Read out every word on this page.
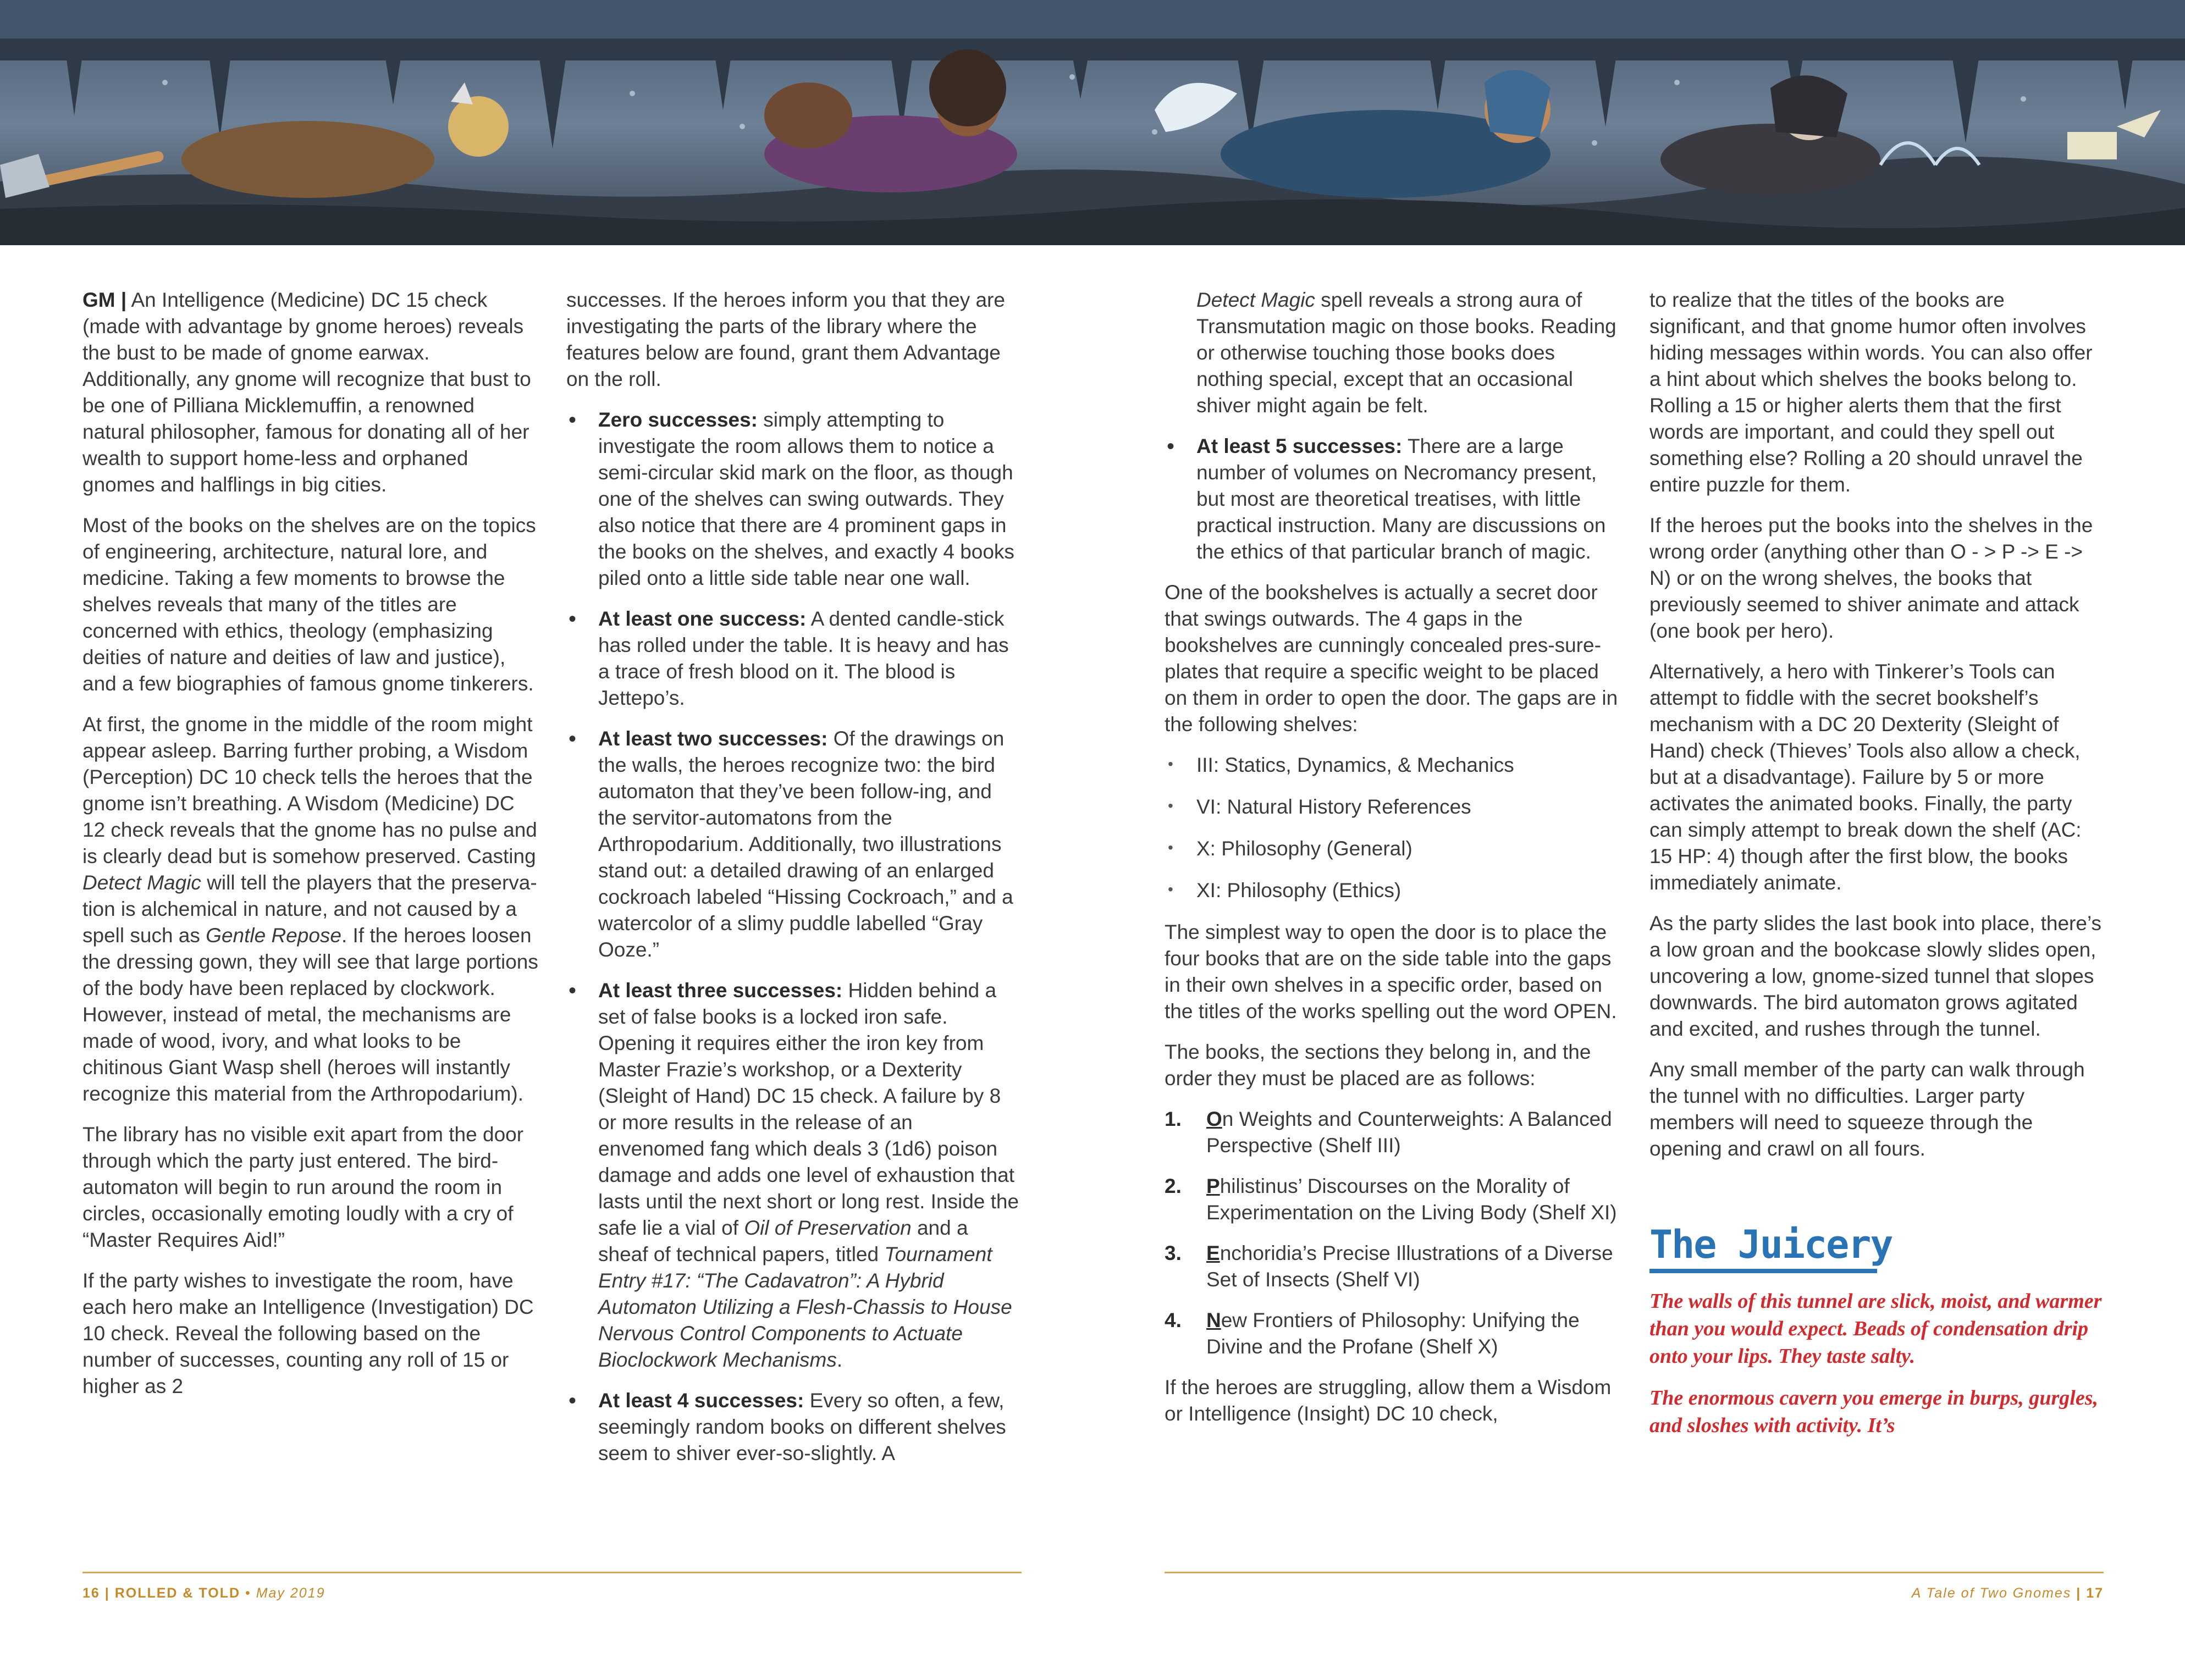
GM | An Intelligence (Medicine) DC 15 check (made with advantage by gnome heroes) reveals the bust to be made of gnome earwax. Additionally, any gnome will recognize that bust to be one of Pilliana Micklemuffin, a renowned natural philosopher, famous for donating all of her wealth to support home-less and orphaned gnomes and halflings in big cities.

Most of the books on the shelves are on the topics of engineering, architecture, natural lore, and medicine. Taking a few moments to browse the shelves reveals that many of the titles are concerned with ethics, theology (emphasizing deities of nature and deities of law and justice), and a few biographies of famous gnome tinkerers.

At first, the gnome in the middle of the room might appear asleep. Barring further probing, a Wisdom (Perception) DC 10 check tells the heroes that the gnome isn’t breathing. A Wisdom (Medicine) DC 12 check reveals that the gnome has no pulse and is clearly dead but is somehow preserved. Casting Detect Magic will tell the players that the preserva-tion is alchemical in nature, and not caused by a spell such as Gentle Repose. If the heroes loosen the dressing gown, they will see that large portions of the body have been replaced by clockwork. However, instead of metal, the mechanisms are made of wood, ivory, and what looks to be chitinous Giant Wasp shell (heroes will instantly recognize this material from the Arthropodarium).

The library has no visible exit apart from the door through which the party just entered. The bird-automaton will begin to run around the room in circles, occasionally emoting loudly with a cry of “Master Requires Aid!”

If the party wishes to investigate the room, have each hero make an Intelligence (Investigation) DC 10 check. Reveal the following based on the number of successes, counting any roll of 15 or higher as 2

successes. If the heroes inform you that they are investigating the parts of the library where the features below are found, grant them Advantage on the roll.

• Zero successes: simply attempting to investigate the room allows them to notice a semi-circular skid mark on the floor, as though one of the shelves can swing outwards. They also notice that there are 4 prominent gaps in the books on the shelves, and exactly 4 books piled onto a little side table near one wall.
• At least one success: A dented candle-stick has rolled under the table. It is heavy and has a trace of fresh blood on it. The blood is Jettepo’s.
• At least two successes: Of the drawings on the walls, the heroes recognize two: the bird automaton that they’ve been follow-ing, and the servitor-automatons from the Arthropodarium. Additionally, two illustrations stand out: a detailed drawing of an enlarged cockroach labeled “Hissing Cockroach,” and a watercolor of a slimy puddle labelled “Gray Ooze.”
• At least three successes: Hidden behind a set of false books is a locked iron safe. Opening it requires either the iron key from Master Frazie’s workshop, or a Dexterity (Sleight of Hand) DC 15 check. A failure by 8 or more results in the release of an envenomed fang which deals 3 (1d6) poison damage and adds one level of exhaustion that lasts until the next short or long rest. Inside the safe lie a vial of Oil of Preservation and a sheaf of technical papers, titled Tournament Entry #17: “The Cadavatron”: A Hybrid Automaton Utilizing a Flesh-Chassis to House Nervous Control Components to Actuate Bioclockwork Mechanisms.
• At least 4 successes: Every so often, a few, seemingly random books on different shelves seem to shiver ever-so-slightly. A

Detect Magic spell reveals a strong aura of Transmutation magic on those books. Reading or otherwise touching those books does nothing special, except that an occasional shiver might again be felt.

• At least 5 successes: There are a large number of volumes on Necromancy present, but most are theoretical treatises, with little practical instruction. Many are discussions on the ethics of that particular branch of magic.

One of the bookshelves is actually a secret door that swings outwards. The 4 gaps in the bookshelves are cunningly concealed pres-sure-plates that require a specific weight to be placed on them in order to open the door. The gaps are in the following shelves:

• III: Statics, Dynamics, & Mechanics
• VI: Natural History References
• X: Philosophy (General)
• XI: Philosophy (Ethics)

The simplest way to open the door is to place the four books that are on the side table into the gaps in their own shelves in a specific order, based on the titles of the works spelling out the word OPEN.

The books, the sections they belong in, and the order they must be placed are as follows:

1. On Weights and Counterweights: A Balanced Perspective (Shelf III)
2. Philistinus’ Discourses on the Morality of Experimentation on the Living Body (Shelf XI)
3. Enchoridia’s Precise Illustrations of a Diverse Set of Insects (Shelf VI)
4. New Frontiers of Philosophy: Unifying the Divine and the Profane (Shelf X)

If the heroes are struggling, allow them a Wisdom or Intelligence (Insight) DC 10 check,

to realize that the titles of the books are significant, and that gnome humor often involves hiding messages within words. You can also offer a hint about which shelves the books belong to. Rolling a 15 or higher alerts them that the first words are important, and could they spell out something else? Rolling a 20 should unravel the entire puzzle for them.

If the heroes put the books into the shelves in the wrong order (anything other than O - > P -> E -> N) or on the wrong shelves, the books that previously seemed to shiver animate and attack (one book per hero).

Alternatively, a hero with Tinkerer’s Tools can attempt to fiddle with the secret bookshelf’s mechanism with a DC 20 Dexterity (Sleight of Hand) check (Thieves’ Tools also allow a check, but at a disadvantage). Failure by 5 or more activates the animated books. Finally, the party can simply attempt to break down the shelf (AC: 15 HP: 4) though after the first blow, the books immediately animate.

As the party slides the last book into place, there’s a low groan and the bookcase slowly slides open, uncovering a low, gnome-sized tunnel that slopes downwards. The bird automaton grows agitated and excited, and rushes through the tunnel.

Any small member of the party can walk through the tunnel with no difficulties. Larger party members will need to squeeze through the opening and crawl on all fours.

The Juicery

The walls of this tunnel are slick, moist, and warmer than you would expect. Beads of condensation drip onto your lips. They taste salty.

The enormous cavern you emerge in burps, gurgles, and sloshes with activity. It’s

16 | ROLLED & TOLD • May 2019	A Tale of Two Gnomes | 17
